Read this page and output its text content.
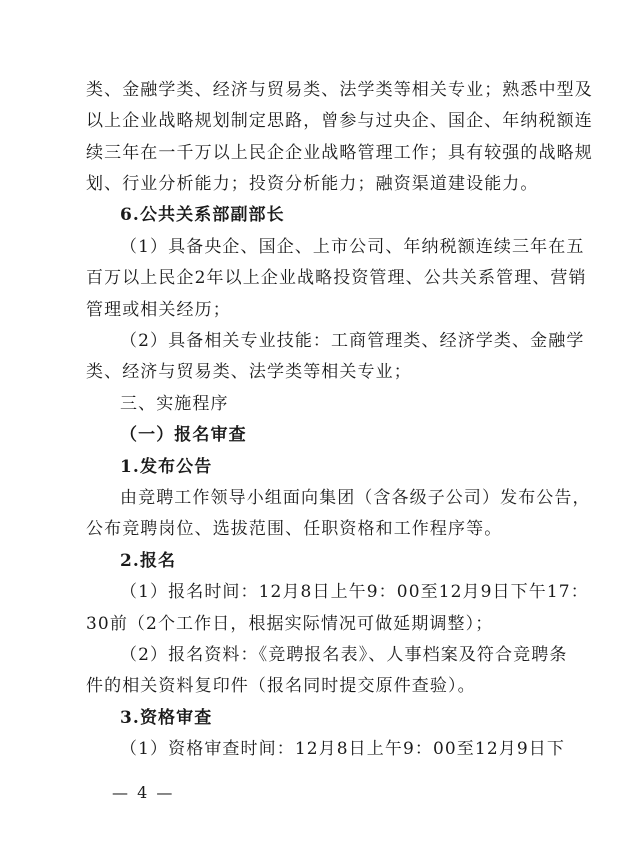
类、金融学类、经济与贸易类、法学类等相关专业；熟悉中型及
以上企业战略规划制定思路，曾参与过央企、国企、年纳税额连
续三年在一千万以上民企企业战略管理工作；具有较强的战略规
划、行业分析能力；投资分析能力；融资渠道建设能力。
6.公共关系部副部长
（1）具备央企、国企、上市公司、年纳税额连续三年在五
百万以上民企2年以上企业战略投资管理、公共关系管理、营销
管理或相关经历；
（2）具备相关专业技能：工商管理类、经济学类、金融学
类、经济与贸易类、法学类等相关专业；
三、实施程序
（一）报名审查
1.发布公告
由竞聘工作领导小组面向集团（含各级子公司）发布公告，
公布竞聘岗位、选拔范围、任职资格和工作程序等。
2.报名
（1）报名时间：12月8日上午9：00至12月9日下午17：
30前（2个工作日，根据实际情况可做延期调整）；
（2）报名资料：《竞聘报名表》、人事档案及符合竞聘条
件的相关资料复印件（报名同时提交原件查验）。
3.资格审查
（1）资格审查时间：12月8日上午9：00至12月9日下
— 4 —
